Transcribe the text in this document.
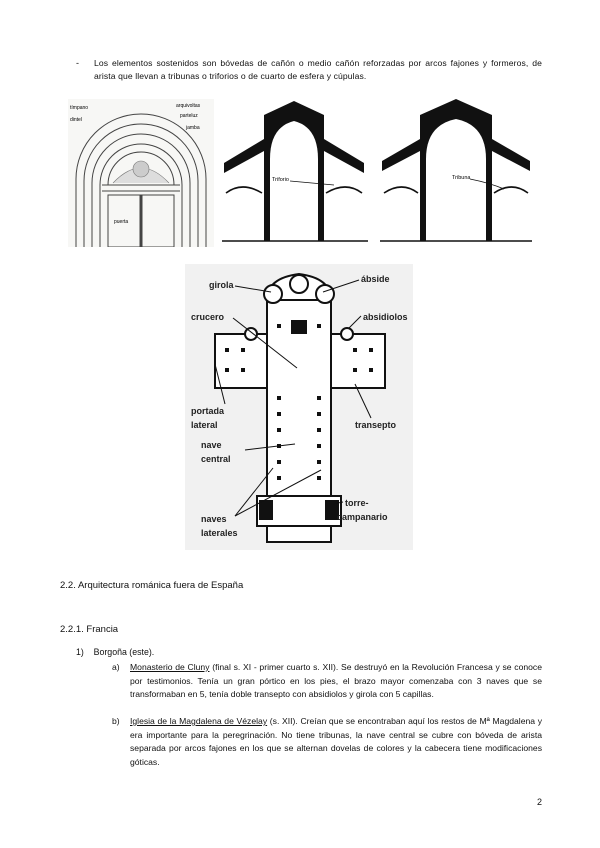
- Los elementos sostenidos son bóvedas de cañón o medio cañón reforzadas por arcos fajones y formeros, de arista que llevan a tribunas o triforios o de cuarto de esfera y cúpulas.
tímpano
dintel
arquivoltas
parteluz
jamba
puerta
Triforio	Tribuna
girola
ábside
crucero	absidiolos
portada
lateral	transepto
nave
central
torre-
campanario
naves
laterales
2.2. Arquitectura románica fuera de España
2.2.1. Francia
1) Borgoña (este).
a) Monasterio de Cluny (final s. XI - primer cuarto s. XII). Se destruyó en la Revolución Francesa y se conoce por testimonios. Tenía un gran pórtico en los pies, el brazo mayor comenzaba con 3 naves que se transformaban en 5, tenía doble transepto con absidiolos y girola con 5 capillas.
b) Iglesia de la Magdalena de Vézelay (s. XII). Creían que se encontraban aquí los restos de Mª Magdalena y era importante para la peregrinación. No tiene tribunas, la nave central se cubre con bóveda de arista separada por arcos fajones en los que se alternan dovelas de colores y la cabecera tiene modificaciones góticas.
2
